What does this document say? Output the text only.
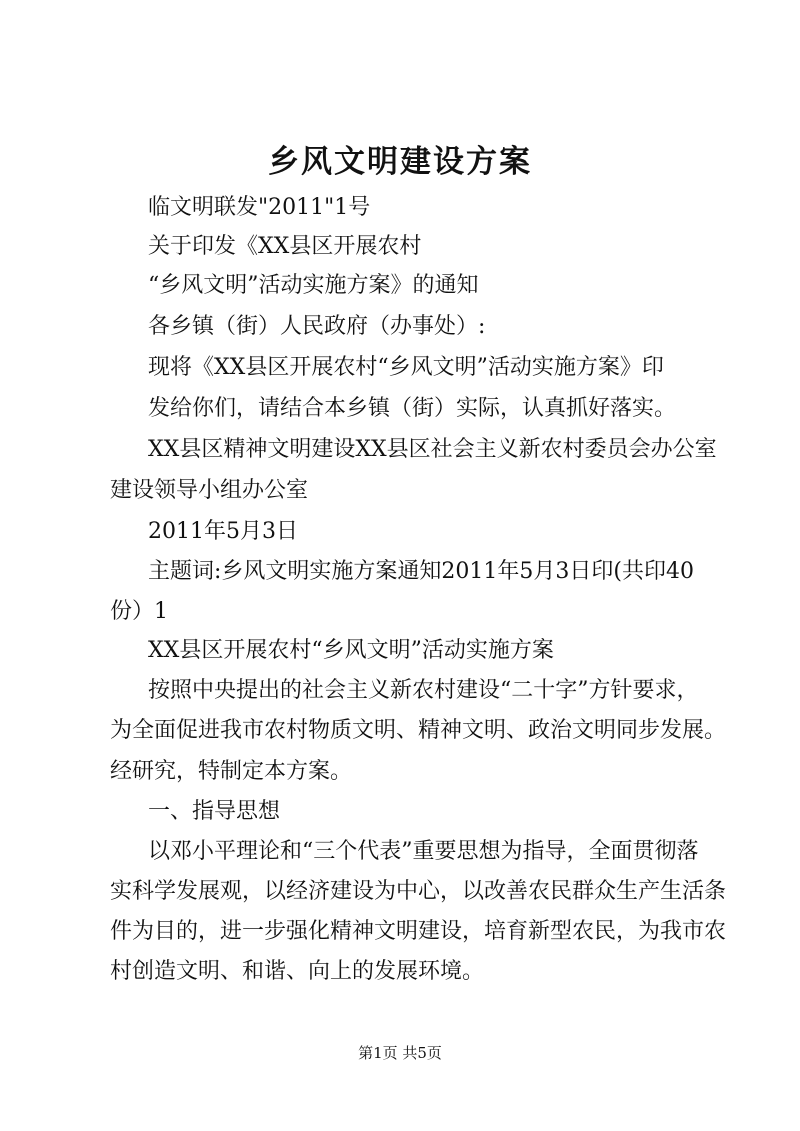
乡风文明建设方案
临文明联发"2011"1号
关于印发《XX县区开展农村
“乡风文明”活动实施方案》的通知
各乡镇（街）人民政府（办事处）:
现将《XX县区开展农村“乡风文明”活动实施方案》印
发给你们，请结合本乡镇（街）实际，认真抓好落实。
XX县区精神文明建设XX县区社会主义新农村委员会办公室
建设领导小组办公室
2011年5月3日
主题词:乡风文明实施方案通知2011年5月3日印(共印40
份）1
XX县区开展农村“乡风文明”活动实施方案
按照中央提出的社会主义新农村建设“二十字”方针要求，
为全面促进我市农村物质文明、精神文明、政治文明同步发展。
经研究，特制定本方案。
一、指导思想
以邓小平理论和“三个代表”重要思想为指导，全面贯彻落
实科学发展观，以经济建设为中心，以改善农民群众生产生活条
件为目的，进一步强化精神文明建设，培育新型农民，为我市农
村创造文明、和谐、向上的发展环境。
第1页 共5页
